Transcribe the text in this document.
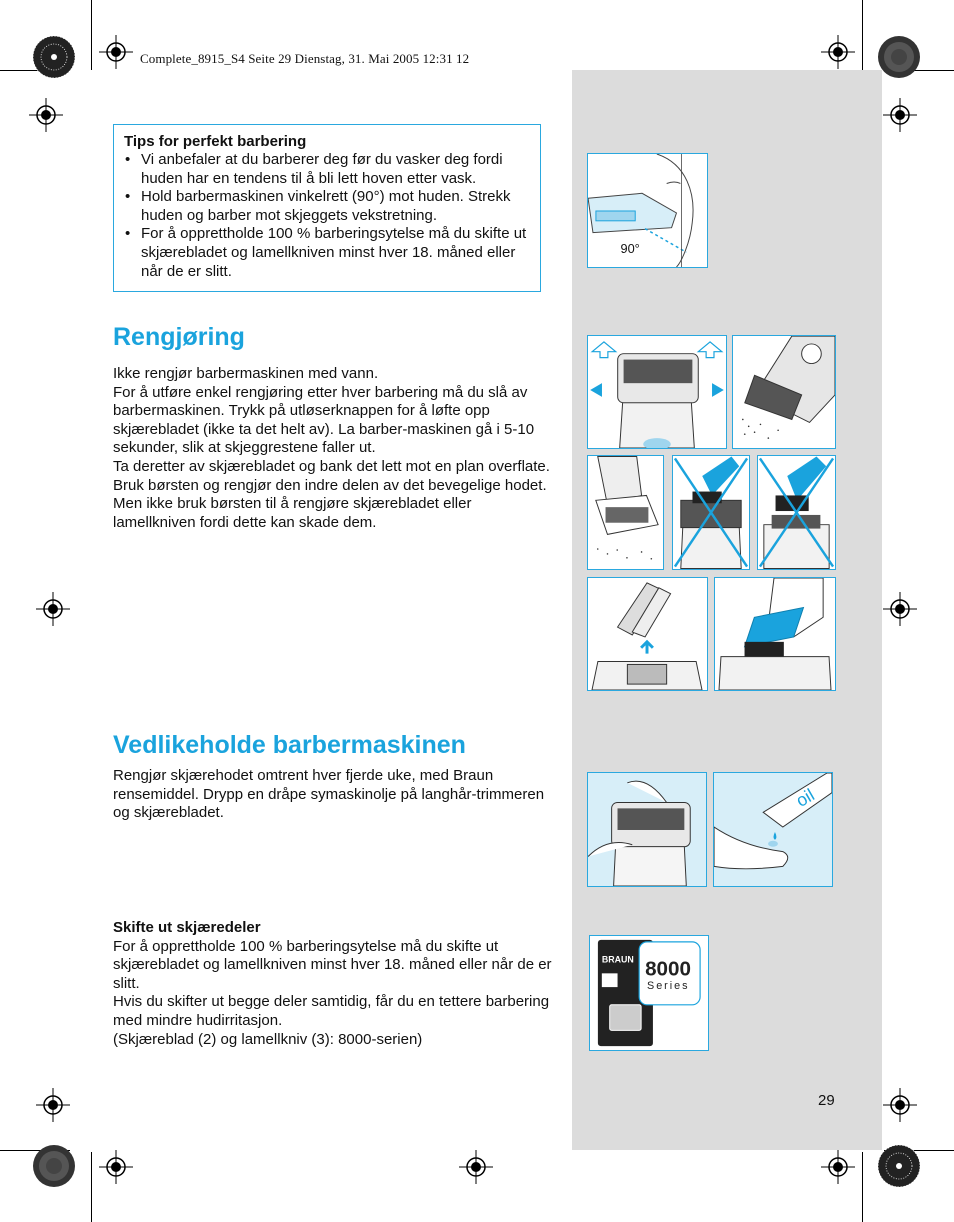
Complete_8915_S4 Seite 29 Dienstag, 31. Mai 2005 12:31 12
Tips for perfekt barbering
• Vi anbefaler at du barberer deg før du vasker deg fordi huden har en tendens til å bli lett hoven etter vask.
• Hold barbermaskinen vinkelrett (90°) mot huden. Strekk huden og barber mot skjeggets vekstretning.
• For å opprettholde 100 % barberingsytelse må du skifte ut skjærebladet og lamellkniven minst hver 18. måned eller når de er slitt.
Rengjøring
Ikke rengjør barbermaskinen med vann.
For å utføre enkel rengjøring etter hver barbering må du slå av barbermaskinen. Trykk på utløserknappen for å løfte opp skjærebladet (ikke ta det helt av). La barber-maskinen gå i 5-10 sekunder, slik at skjeggrestene faller ut.
Ta deretter av skjærebladet og bank det lett mot en plan overflate.
Bruk børsten og rengjør den indre delen av det bevegelige hodet.
Men ikke bruk børsten til å rengjøre skjærebladet eller lamellkniven fordi dette kan skade dem.
Vedlikeholde barbermaskinen
Rengjør skjærehodet omtrent hver fjerde uke, med Braun rensemiddel. Drypp en dråpe symaskinolje på langhår-trimmeren og skjærebladet.
Skifte ut skjæredeler
For å opprettholde 100 % barberingsytelse må du skifte ut skjærebladet og lamellkniven minst hver 18. måned eller når de er slitt.
Hvis du skifter ut begge deler samtidig, får du en tettere barbering med mindre hudirritasjon.
(Skjæreblad (2) og lamellkniv (3): 8000-serien)
90°
oil
BRAUN 8000
Series
29
